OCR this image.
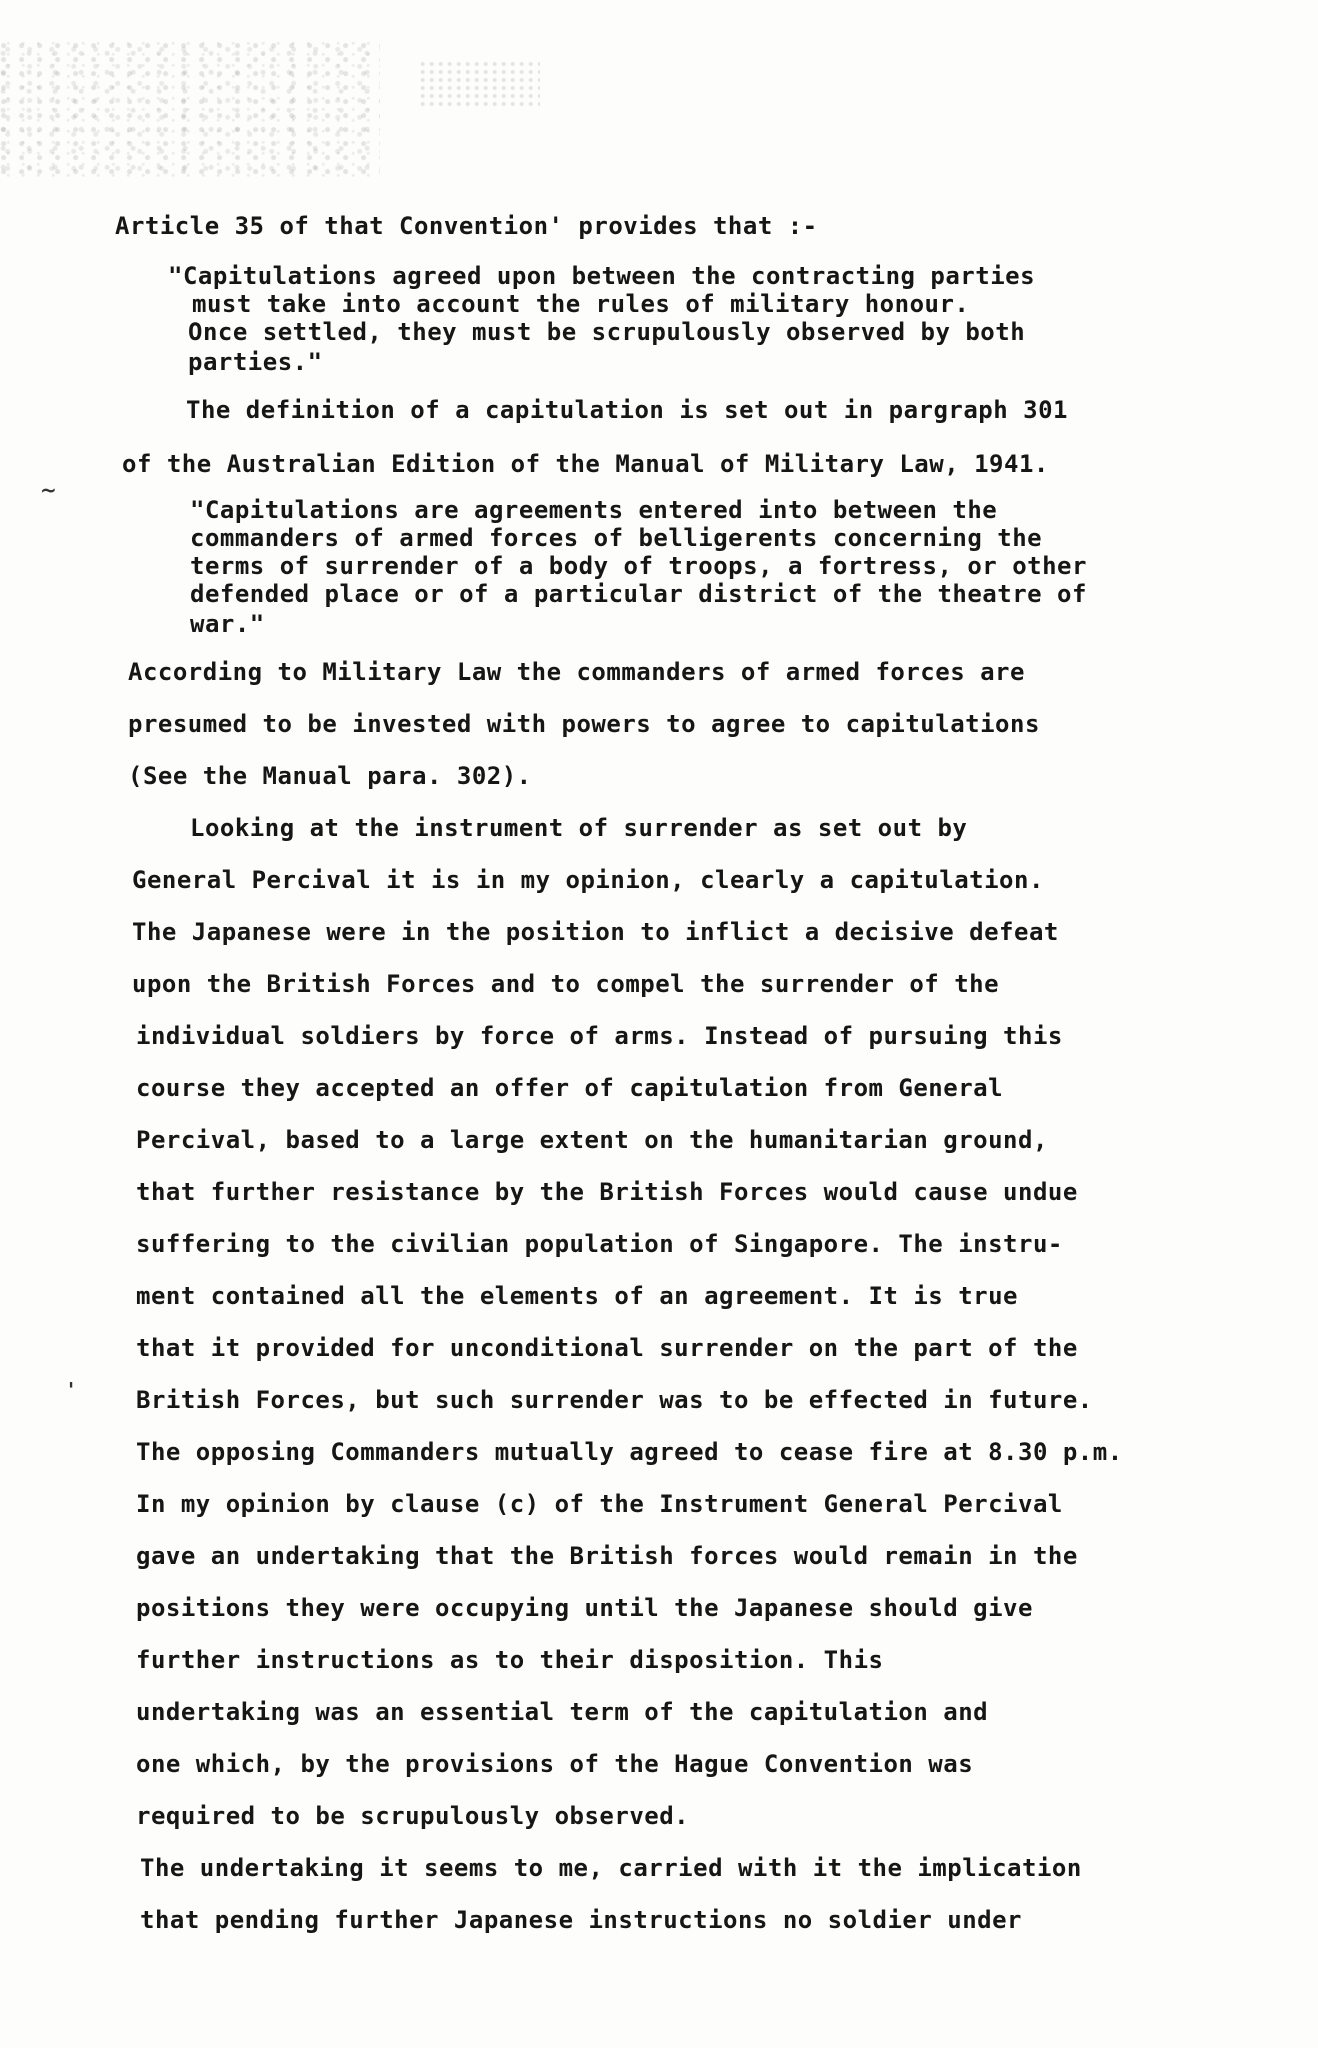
~
'
Article 35 of that Convention' provides that :-
"Capitulations agreed upon between the contracting parties
must take into account the rules of military honour.
Once settled, they must be scrupulously observed by both
parties."
The definition of a capitulation is set out in pargraph 301
of the Australian Edition of the Manual of Military Law, 1941.
"Capitulations are agreements entered into between the
commanders of armed forces of belligerents concerning the
terms of surrender of a body of troops, a fortress, or other
defended place or of a particular district of the theatre of
war."
According to Military Law the commanders of armed forces are
presumed to be invested with powers to agree to capitulations
(See the Manual para. 302).
Looking at the instrument of surrender as set out by
General Percival it is in my opinion, clearly a capitulation.
The Japanese were in the position to inflict a decisive defeat
upon the British Forces and to compel the surrender of the
individual soldiers by force of arms. Instead of pursuing this
course they accepted an offer of capitulation from General
Percival, based to a large extent on the humanitarian ground,
that further resistance by the British Forces would cause undue
suffering to the civilian population of Singapore. The instru-
ment contained all the elements of an agreement. It is true
that it provided for unconditional surrender on the part of the
British Forces, but such surrender was to be effected in future.
The opposing Commanders mutually agreed to cease fire at 8.30 p.m.
In my opinion by clause (c) of the Instrument General Percival
gave an undertaking that the British forces would remain in the
positions they were occupying until the Japanese should give
further instructions as to their disposition. This
undertaking was an essential term of the capitulation and
one which, by the provisions of the Hague Convention was
required to be scrupulously observed.
The undertaking it seems to me, carried with it the implication
that pending further Japanese instructions no soldier under
